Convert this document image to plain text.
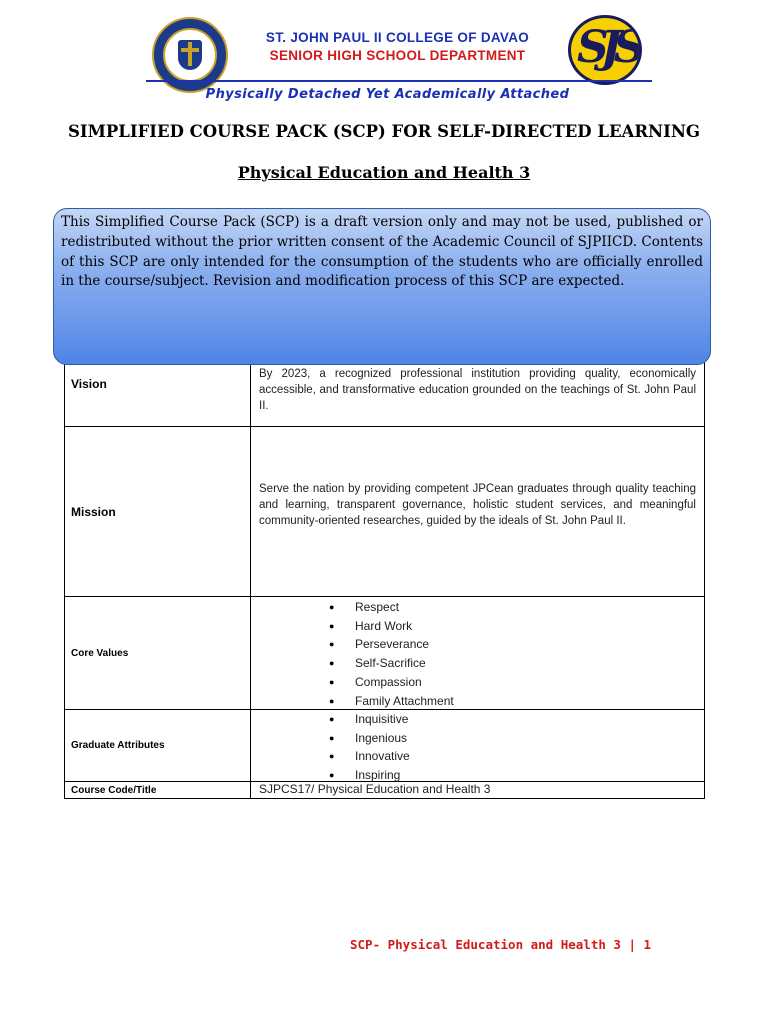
SJS
ST. JOHN PAUL II COLLEGE OF DAVAO
SENIOR HIGH SCHOOL DEPARTMENT
Physically Detached Yet Academically Attached
SIMPLIFIED COURSE PACK (SCP) FOR SELF-DIRECTED LEARNING
Physical Education and Health 3
Vision
By 2023, a recognized professional institution providing quality, economically accessible, and transformative education grounded on the teachings of St. John Paul II.
Mission
Serve the nation by providing competent JPCean graduates through quality teaching and learning, transparent governance, holistic student services, and meaningful community-oriented researches, guided by the ideals of St. John Paul II.
Core Values
● Respect
● Hard Work
● Perseverance
● Self-Sacrifice
● Compassion
● Family Attachment
Graduate Attributes
● Inquisitive
● Ingenious
● Innovative
● Inspiring
Course Code/Title	SJPCS17/ Physical Education and Health 3

This Simplified Course Pack (SCP) is a draft version only and may not be used, published or redistributed without the prior written consent of the Academic Council of SJPIICD. Contents of this SCP are only intended for the consumption of the students who are officially enrolled in the course/subject. Revision and modification process of this SCP are expected.

SCP- Physical Education and Health 3 | 1
